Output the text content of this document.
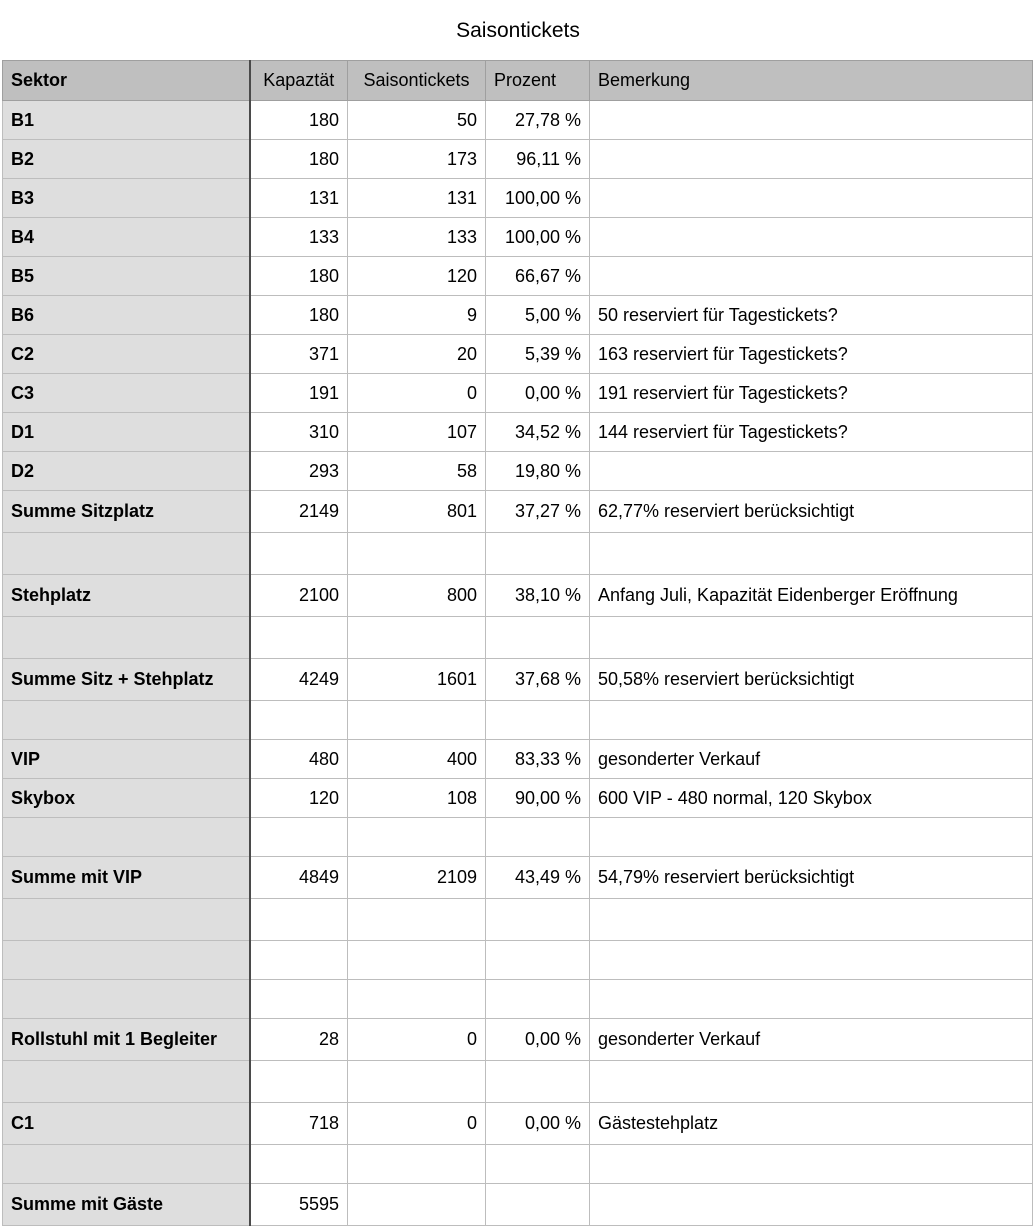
Saisontickets
Sektor	Kapaztät	Saisontickets	Prozent	Bemerkung
B1	180	50	27,78 %	
B2	180	173	96,11 %	
B3	131	131	100,00 %	
B4	133	133	100,00 %	
B5	180	120	66,67 %	
B6	180	9	5,00 %	50 reserviert für Tagestickets?
C2	371	20	5,39 %	163 reserviert für Tagestickets?
C3	191	0	0,00 %	191 reserviert für Tagestickets?
D1	310	107	34,52 %	144 reserviert für Tagestickets?
D2	293	58	19,80 %	
Summe Sitzplatz	2149	801	37,27 %	62,77% reserviert berücksichtigt

Stehplatz	2100	800	38,10 %	Anfang Juli, Kapazität Eidenberger Eröffnung

Summe Sitz + Stehplatz	4249	1601	37,68 %	50,58% reserviert berücksichtigt

VIP	480	400	83,33 %	gesonderter Verkauf
Skybox	120	108	90,00 %	600 VIP - 480 normal, 120 Skybox

Summe mit VIP	4849	2109	43,49 %	54,79% reserviert berücksichtigt

Rollstuhl mit 1 Begleiter	28	0	0,00 %	gesonderter Verkauf

C1	718	0	0,00 %	Gästestehplatz

Summe mit Gäste	5595			
